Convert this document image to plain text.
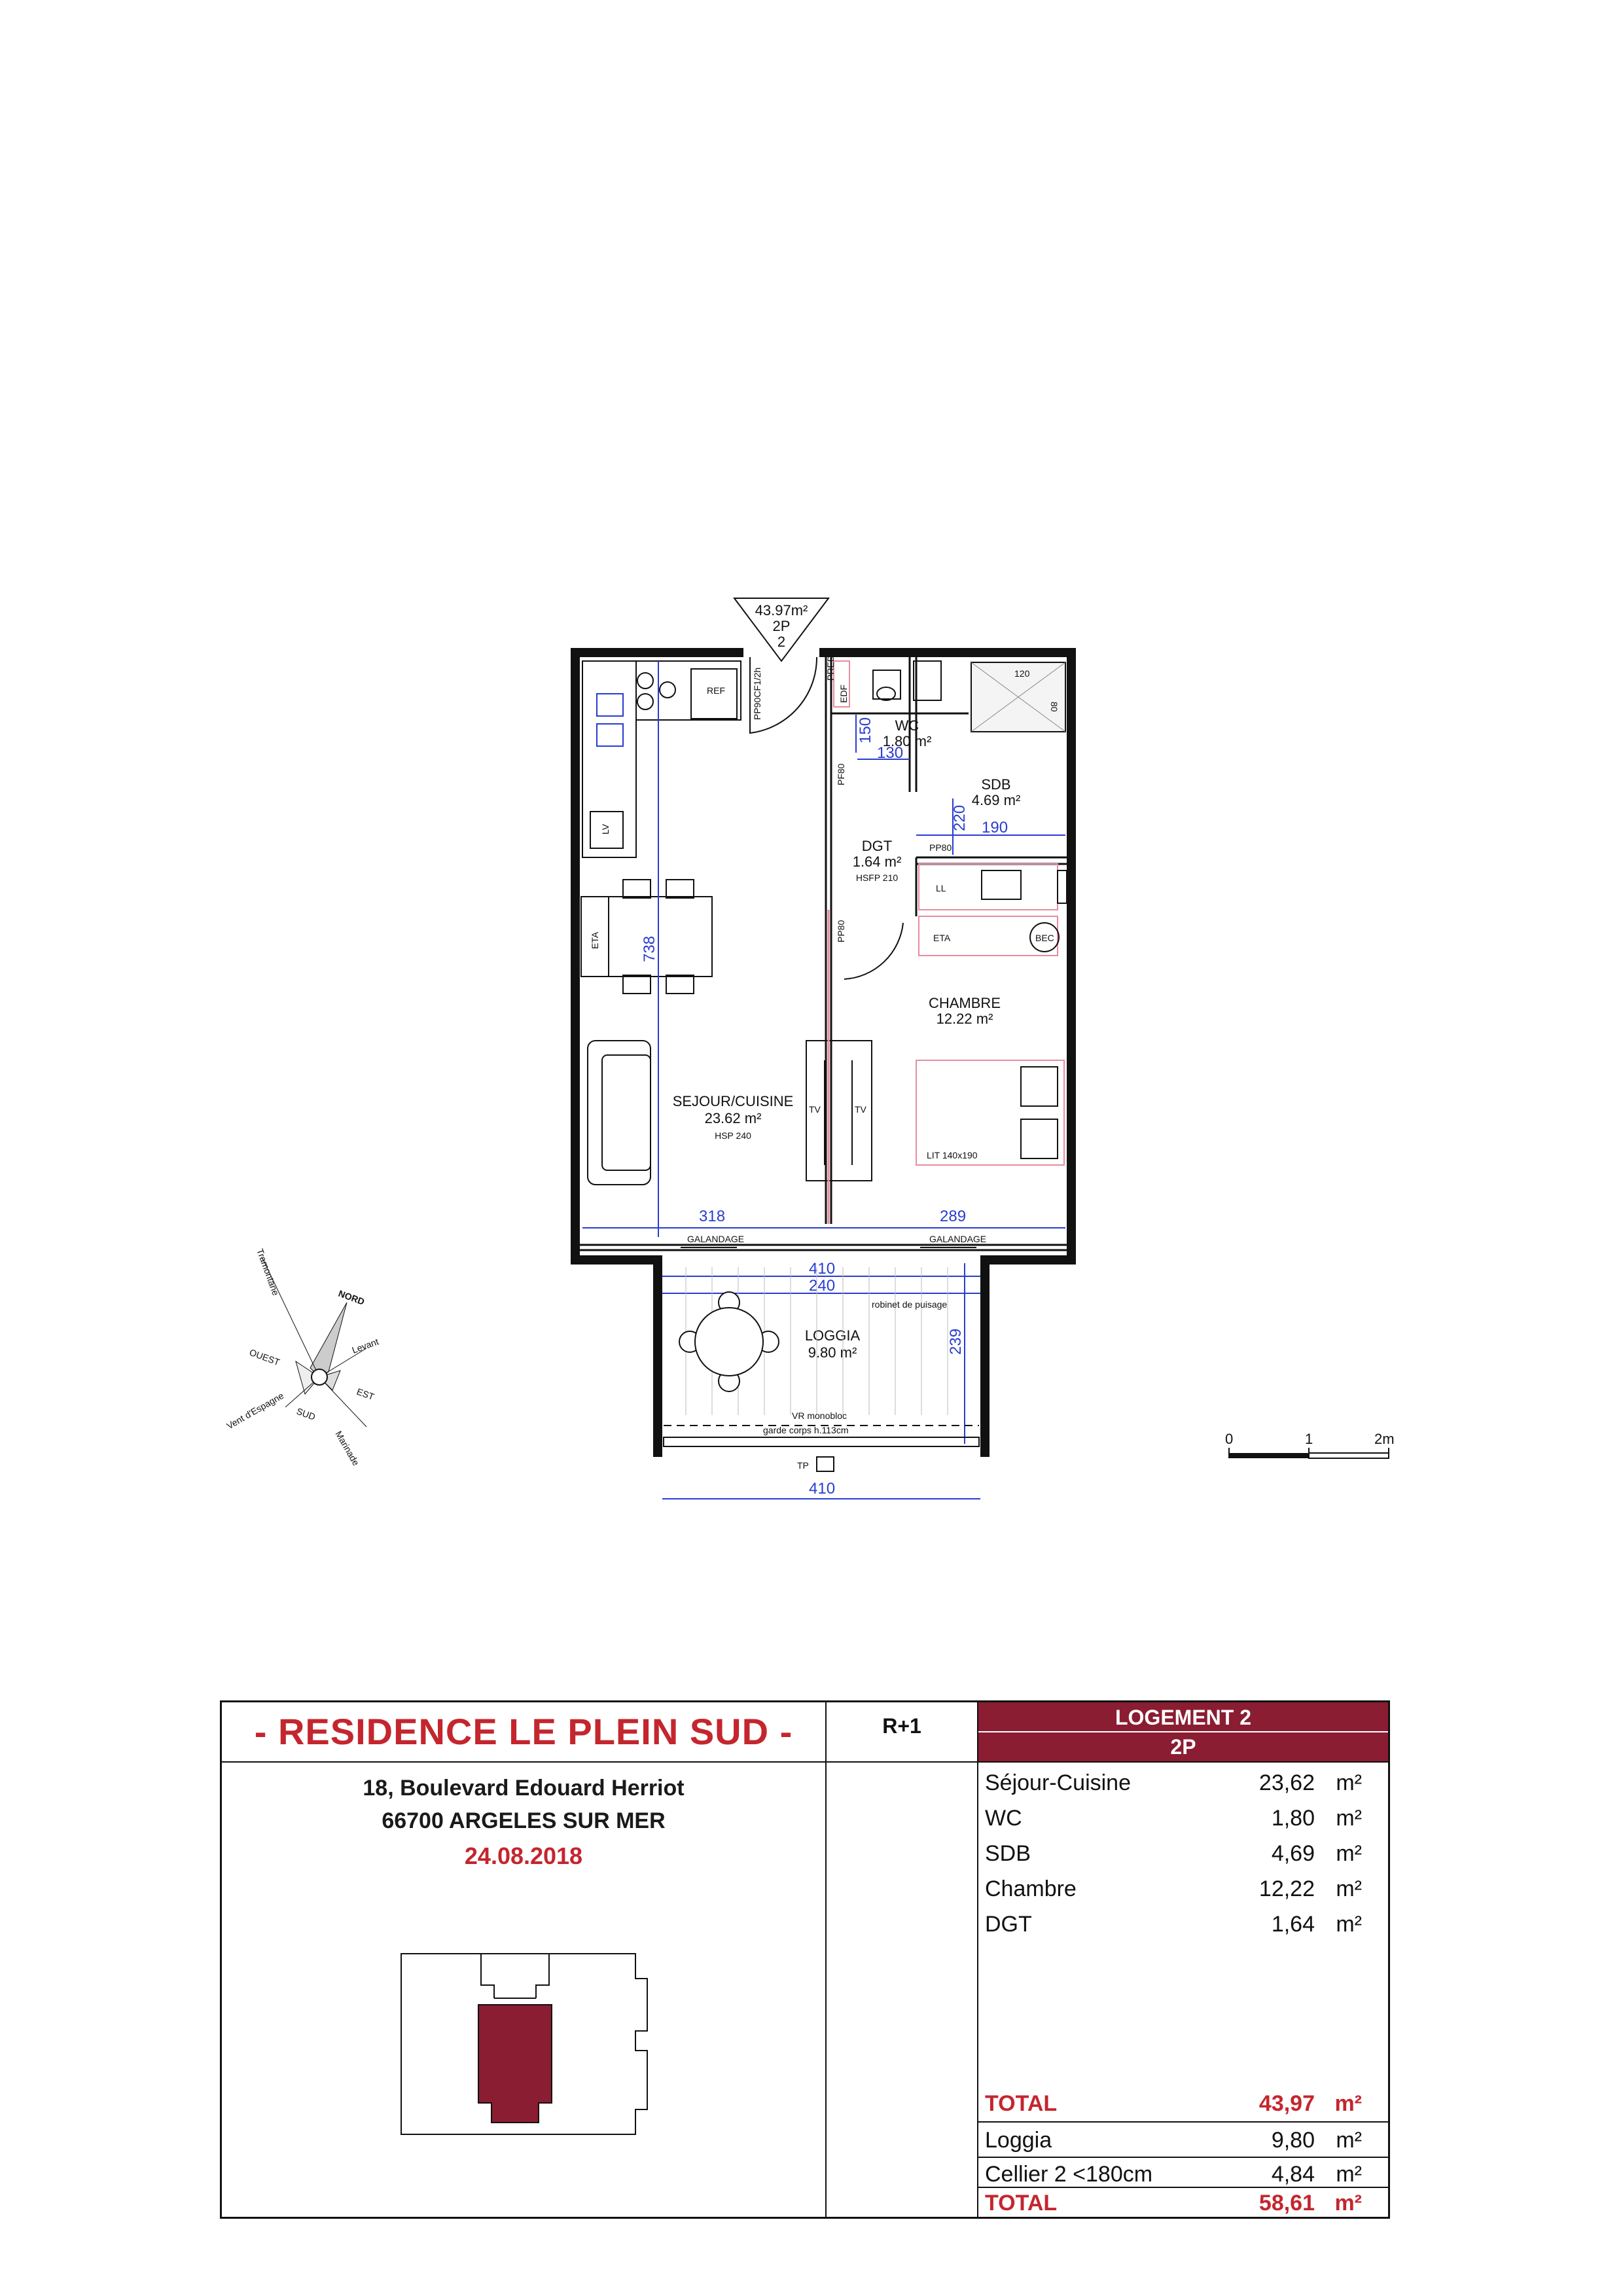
43.97m²
2P
2
REF
LV
PP90CF1/2h
ETA
TV	TV
EDF
PRED	120
80
LL
ETA	BEC
PF80
PP80
PP80
LIT 140x190
SEJOUR/CUISINE
23.62 m²
HSP 240
WC
1.80 m²
SDB
4.69 m²
DGT
1.64 m²
HSFP 210
CHAMBRE
12.22 m²
LOGGIA
9.80 m²
738
318	289
410
240
239
410
150
130
220 190
GALANDAGE	GALANDAGE
robinet de puisage
VR monobloc
garde corps h.113cm
TP
NORD
Levant
EST
Marinade
SUD
Vent d'Espagne
OUEST
Tramontane
0	1	2m
- RESIDENCE LE PLEIN SUD -
18, Boulevard Edouard Herriot
66700 ARGELES SUR MER
24.08.2018
R+1	LOGEMENT 2
2P
Séjour-Cuisine	23,62 m²
WC	1,80 m²
SDB	4,69 m²
Chambre	12,22 m²
DGT	1,64 m²
TOTAL	43,97 m²
Loggia	9,80 m²
Cellier 2 <180cm	4,84 m²
TOTAL	58,61 m²
